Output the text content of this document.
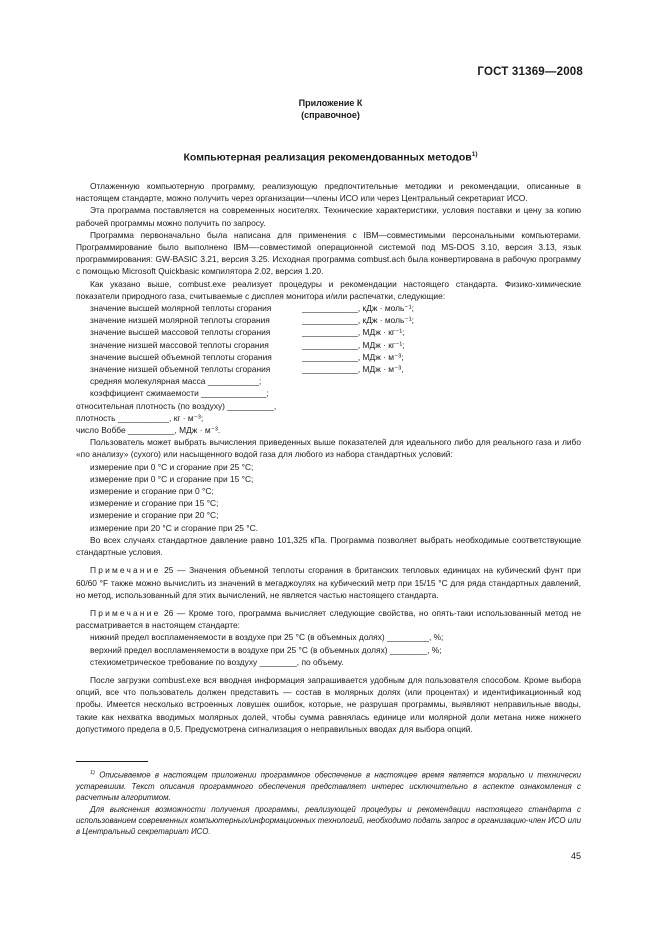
ГОСТ 31369—2008
Приложение К
(справочное)
Компьютерная реализация рекомендованных методов$^{1)}$

Отлаженную компьютерную программу, реализующую предпочтительные методики и рекомендации, описанные в настоящем стандарте, можно получить через организации—члены ИСО или через Центральный секретариат ИСО.

Эта программа поставляется на современных носителях. Технические характеристики, условия поставки и цену за копию рабочей программы можно получить по запросу.

Программа первоначально была написана для применения с IBM—совместимыми персональными компьютерами. Программирование было выполнено IBM—-совместимой операционной системой под MS-DOS 3.10, версия 3.13, язык программирования: GW-BASIC 3.21, версия 3.25. Исходная программа combust.ach была конвертирована в рабочую программу с помощью Microsoft Quickbasic компилятора 2.02, версия 1.20.

Как указано выше, combust.exe реализует процедуры и рекомендации настоящего стандарта. Физико-химические показатели природного газа, считываемые с дисплея монитора и/или распечатки, следующие:

значение высшей молярной теплоты сгорания	____________, кДж · моль⁻¹;
значение низшей молярной теплоты сгорания	____________, кДж · моль⁻¹;
значение высшей массовой теплоты сгорания	____________, МДж · кг⁻¹;
значение низшей массовой теплоты сгорания	____________, МДж · кг⁻¹;
значение высшей объемной теплоты сгорания	____________, МДж · м⁻³;
значение низшей объемной теплоты сгорания	____________, МДж · м⁻³,
средняя молекулярная масса ___________;
коэффициент сжимаемости ______________;
относительная плотность (по воздуху) __________,
плотность ___________, кг · м⁻³;
число Воббе __________, МДж · м⁻³.

Пользователь может выбрать вычисления приведенных выше показателей для идеального либо для реального газа и либо «по анализу» (сухого) или насыщенного водой газа для любого из набора стандартных условий:

измерение при 0 °С и сгорание при 25 °С;
измерение при 0 °С и сгорание при 15 °С;
измерение и сгорание при 0 °С;
измерение и сгорание при 15 °С;
измерение и сгорание при 20 °С;
измерение при 20 °С и сгорание при 25 °С.

Во всех случаях стандартное давление равно 101,325 кПа. Программа позволяет выбрать необходимые соответствующие стандартные условия.

Примечание 25 — Значения объемной теплоты сгорания в британских тепловых единицах на кубический фунт при 60/60 °F также можно вычислить из значений в мегаджоулях на кубический метр при 15/15 °С для ряда стандартных давлений, но метод, использованный для этих вычислений, не является частью настоящего стандарта.

Примечание 26 — Кроме того, программа вычисляет следующие свойства, но опять-таки использованный метод не рассматривается в настоящем стандарте:

нижний предел воспламеняемости в воздухе при 25 °С (в объемных долях) _________, %;
верхний предел воспламеняемости в воздухе при 25 °С (в объемных долях) ________, %;
стехиометрическое требование по воздуху ________, по объему.

После загрузки combust.exe вся вводная информация запрашивается удобным для пользователя способом. Кроме выбора опций, все что пользователь должен представить — состав в молярных долях (или процентах) и идентификационный код пробы. Имеется несколько встроенных ловушек ошибок, которые, не разрушая программы, выявляют неправильные вводы, такие как нехватка вводимых молярных долей, чтобы сумма равнялась единице или молярной доли метана ниже нижнего допустимого предела в 0,5. Предусмотрена сигнализация о неправильных вводах для выбора опций.

$^{1)}$ Описываемое в настоящем приложении программное обеспечение в настоящее время является морально и технически устаревшим. Текст описания программного обеспечения представляет интерес исключительно в аспекте ознакомления с расчетным алгоритмом.

Для выяснения возможности получения программы, реализующей процедуры и рекомендации настоящего стандарта с использованием современных компьютерных/информационных технологий, необходимо подать запрос в организацию-член ИСО или в Центральный секретариат ИСО.

45
